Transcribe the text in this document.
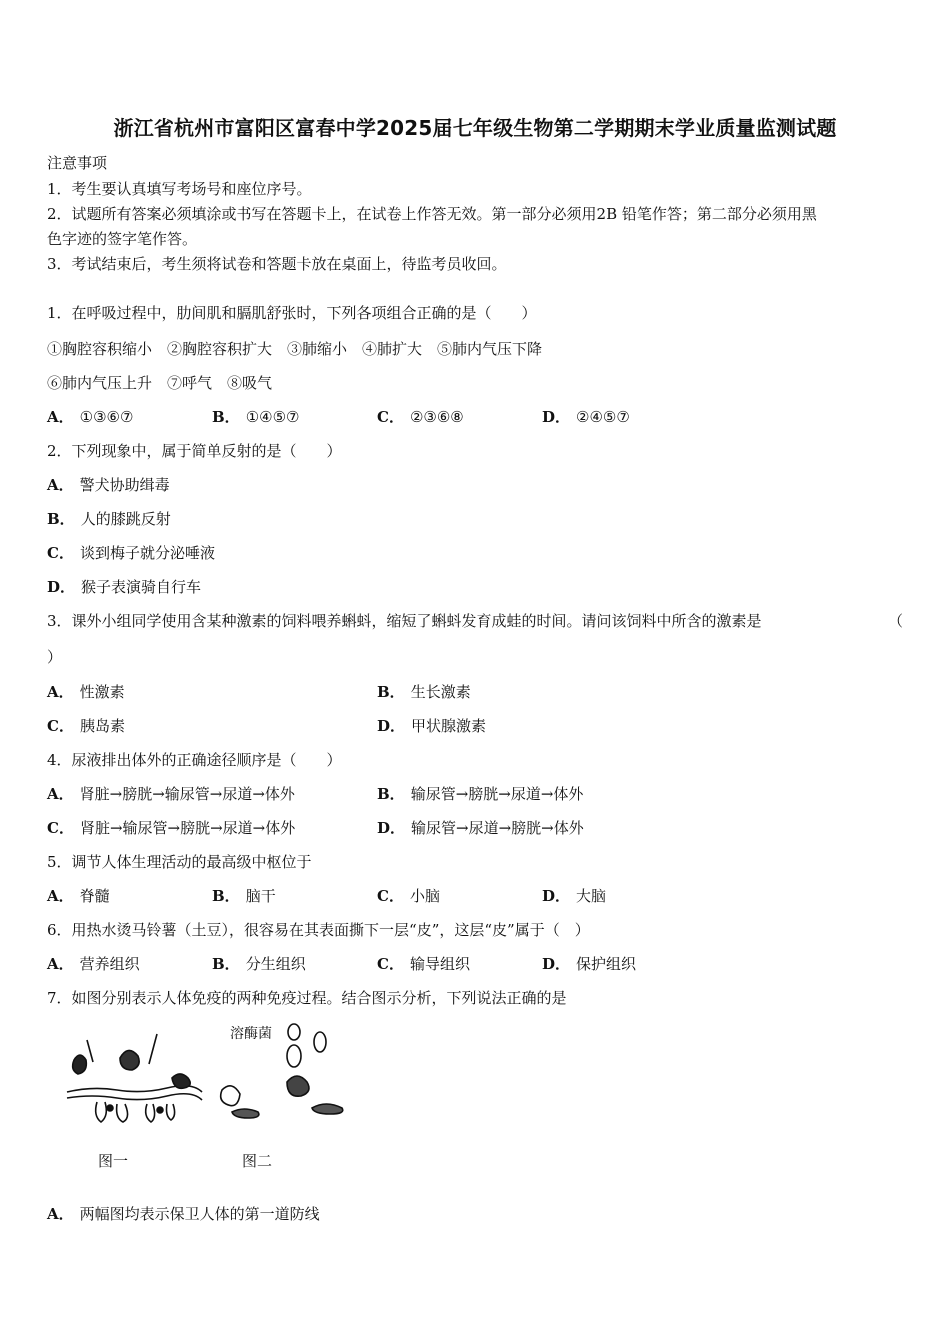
浙江省杭州市富阳区富春中学2025届七年级生物第二学期期末学业质量监测试题
注意事项
1．考生要认真填写考场号和座位序号。
2．试题所有答案必须填涂或书写在答题卡上，在试卷上作答无效。第一部分必须用2B 铅笔作答；第二部分必须用黑
色字迹的签字笔作答。
3．考试结束后，考生须将试卷和答题卡放在桌面上，待监考员收回。
1．在呼吸过程中，肋间肌和膈肌舒张时，下列各项组合正确的是（　　）
①胸腔容积缩小　②胸腔容积扩大　③肺缩小　④肺扩大　⑤肺内气压下降
⑥肺内气压上升　⑦呼气　⑧吸气
A． ①③⑥⑦	B． ①④⑤⑦	C． ②③⑥⑧	D． ②④⑤⑦
2．下列现象中，属于简单反射的是（　　）
A． 警犬协助缉毒
B． 人的膝跳反射
C． 谈到梅子就分泌唾液
D． 猴子表演骑自行车
3．课外小组同学使用含某种激素的饲料喂养蝌蚪，缩短了蝌蚪发育成蛙的时间。请问该饲料中所含的激素是	（
）
A． 性激素	B． 生长激素
C． 胰岛素	D． 甲状腺激素
4．尿液排出体外的正确途径顺序是（　　）
A． 肾脏→膀胱→输尿管→尿道→体外	B． 输尿管→膀胱→尿道→体外
C． 肾脏→输尿管→膀胱→尿道→体外	D． 输尿管→尿道→膀胱→体外
5．调节人体生理活动的最高级中枢位于
A． 脊髓	B． 脑干	C． 小脑	D． 大脑
6．用热水烫马铃薯（土豆），很容易在其表面撕下一层“皮”，这层“皮”属于（　）
A． 营养组织	B． 分生组织	C． 输导组织	D． 保护组织
7．如图分别表示人体免疫的两种免疫过程。结合图示分析，下列说法正确的是
溶酶菌
图一	图二
A． 两幅图均表示保卫人体的第一道防线
